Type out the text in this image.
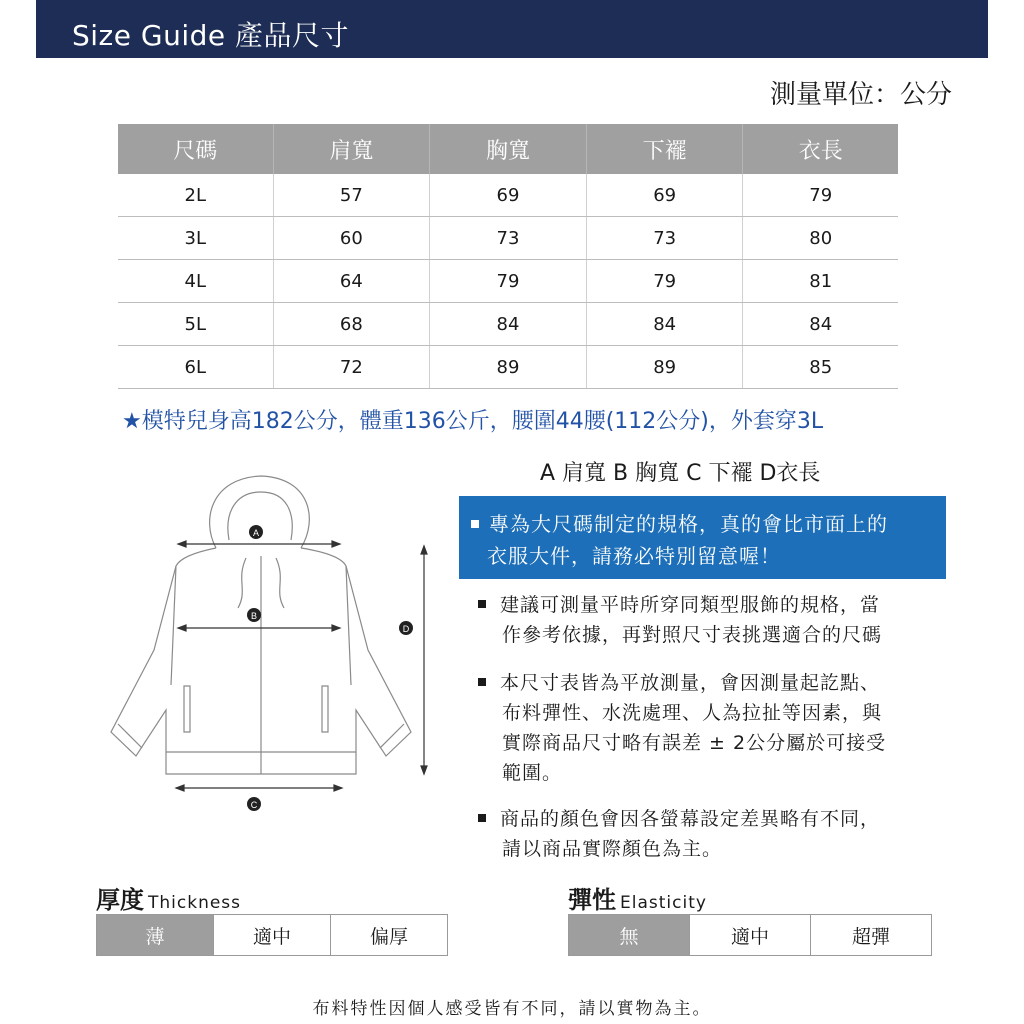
Size Guide 產品尺寸
測量單位：公分
尺碼	肩寬	胸寬	下襬	衣長
2L	57	69	69	79
3L	60	73	73	80
4L	64	79	79	81
5L	68	84	84	84
6L	72	89	89	85
★模特兒身高182公分，體重136公斤，腰圍44腰(112公分)，外套穿3L
A 肩寬 B 胸寬 C 下襬 D衣長
A
B
C
D

專為大尺碼制定的規格，真的會比市面上的

衣服大件，請務必特別留意喔！

建議可測量平時所穿同類型服飾的規格，當
作參考依據，再對照尺寸表挑選適合的尺碼
本尺寸表皆為平放測量，會因測量起訖點、
布料彈性、水洗處理、人為拉扯等因素，與
實際商品尺寸略有誤差 ± 2公分屬於可接受
範圍。
商品的顏色會因各螢幕設定差異略有不同，
請以商品實際顏色為主。
厚度 Thickness
薄	適中	偏厚
彈性 Elasticity
無	適中	超彈
布料特性因個人感受皆有不同，請以實物為主。
